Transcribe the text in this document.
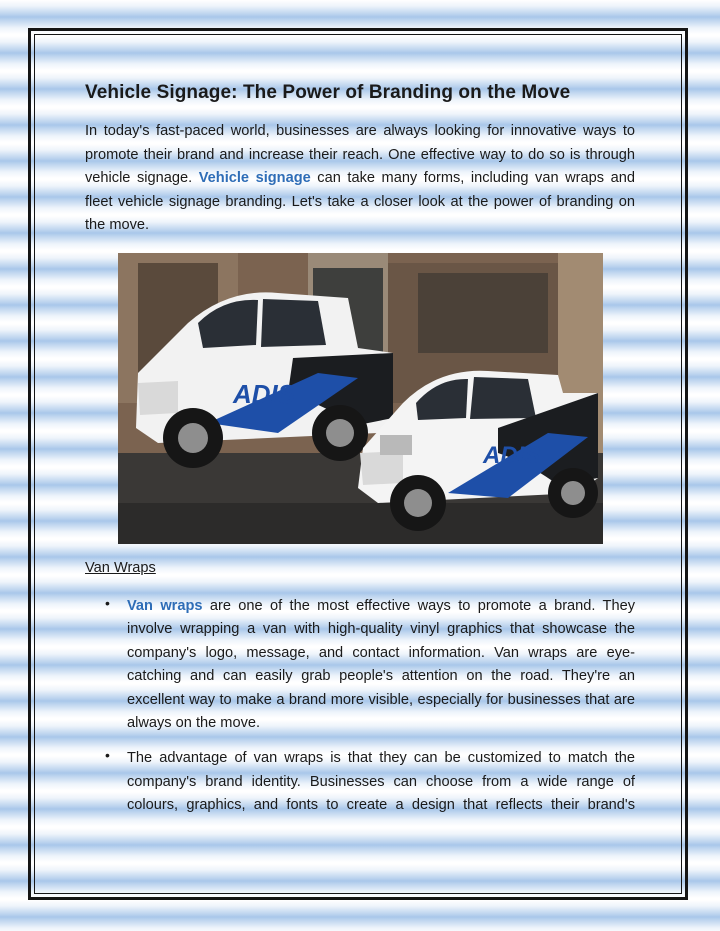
Vehicle Signage: The Power of Branding on the Move

In today's fast-paced world, businesses are always looking for innovative ways to promote their brand and increase their reach. One effective way to do so is through vehicle signage. Vehicle signage can take many forms, including van wraps and fleet vehicle signage branding. Let's take a closer look at the power of branding on the move.

ADIS
ADIS

Van Wraps

• Van wraps are one of the most effective ways to promote a brand. They involve wrapping a van with high-quality vinyl graphics that showcase the company's logo, message, and contact information. Van wraps are eye-catching and can easily grab people's attention on the road. They're an excellent way to make a brand more visible, especially for businesses that are always on the move.
• The advantage of van wraps is that they can be customized to match the company's brand identity. Businesses can choose from a wide range of colours, graphics, and fonts to create a design that reflects their brand's
